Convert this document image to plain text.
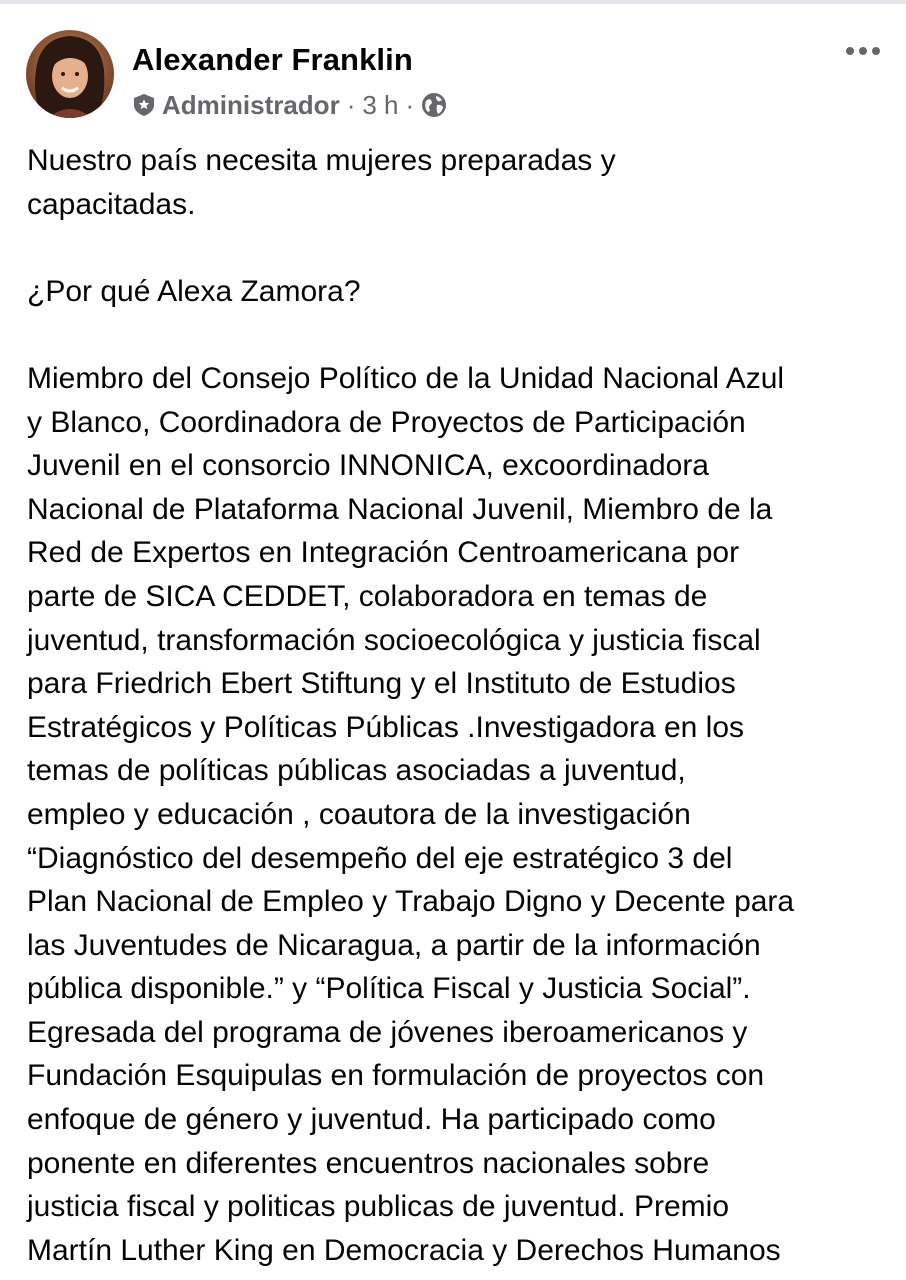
Alexander Franklin
Administrador · 3 h ·

Nuestro país necesita mujeres preparadas y
capacitadas.

¿Por qué Alexa Zamora?

Miembro del Consejo Político de la Unidad Nacional Azul
y Blanco, Coordinadora de Proyectos de Participación
Juvenil en el consorcio INNONICA, excoordinadora
Nacional de Plataforma Nacional Juvenil, Miembro de la
Red de Expertos en Integración Centroamericana por
parte de SICA CEDDET, colaboradora en temas de
juventud, transformación socioecológica y justicia fiscal
para Friedrich Ebert Stiftung y el Instituto de Estudios
Estratégicos y Políticas Públicas .Investigadora en los
temas de políticas públicas asociadas a juventud,
empleo y educación , coautora de la investigación
“Diagnóstico del desempeño del eje estratégico 3 del
Plan Nacional de Empleo y Trabajo Digno y Decente para
las Juventudes de Nicaragua, a partir de la información
pública disponible.” y “Política Fiscal y Justicia Social”.
Egresada del programa de jóvenes iberoamericanos y
Fundación Esquipulas en formulación de proyectos con
enfoque de género y juventud. Ha participado como
ponente en diferentes encuentros nacionales sobre
justicia fiscal y politicas publicas de juventud. Premio
Martín Luther King en Democracia y Derechos Humanos
